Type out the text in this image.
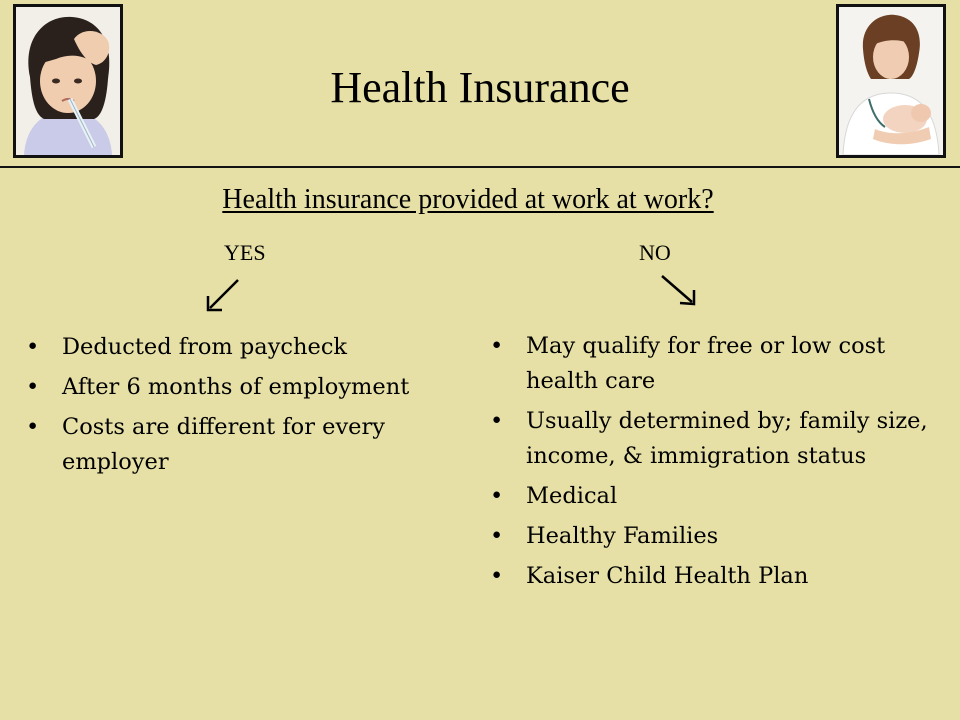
Health Insurance
Health insurance provided at work at work?
YES	NO
• Deducted from paycheck
• After 6 months of employment
• Costs are different for every employer
• May qualify for free or low cost health care
• Usually determined by; family size, income, & immigration status
• Medical
• Healthy Families
• Kaiser Child Health Plan
